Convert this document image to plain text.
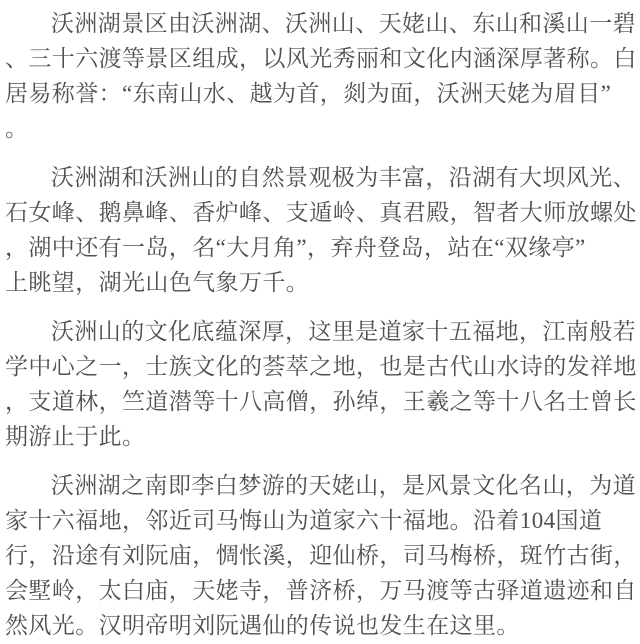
沃洲湖景区由沃洲湖、沃洲山、天姥山、东山和溪山一碧
、三十六渡等景区组成，以风光秀丽和文化内涵深厚著称。白
居易称誉：“东南山水、越为首，剡为面，沃洲天姥为眉目”
。

沃洲湖和沃洲山的自然景观极为丰富，沿湖有大坝风光、
石女峰、鹅鼻峰、香炉峰、支遁岭、真君殿，智者大师放螺处
，湖中还有一岛，名“大月角”，弃舟登岛，站在“双缘亭”
上眺望，湖光山色气象万千。

沃洲山的文化底蕴深厚，这里是道家十五福地，江南般若
学中心之一，士族文化的荟萃之地，也是古代山水诗的发祥地
，支道林，竺道潜等十八高僧，孙绰，王羲之等十八名士曾长
期游止于此。

沃洲湖之南即李白梦游的天姥山，是风景文化名山，为道
家十六福地，邻近司马悔山为道家六十福地。沿着104国道
行，沿途有刘阮庙，惆怅溪，迎仙桥，司马梅桥，斑竹古街，
会墅岭，太白庙，天姥寺，普济桥，万马渡等古驿道遗迹和自
然风光。汉明帝明刘阮遇仙的传说也发生在这里。
